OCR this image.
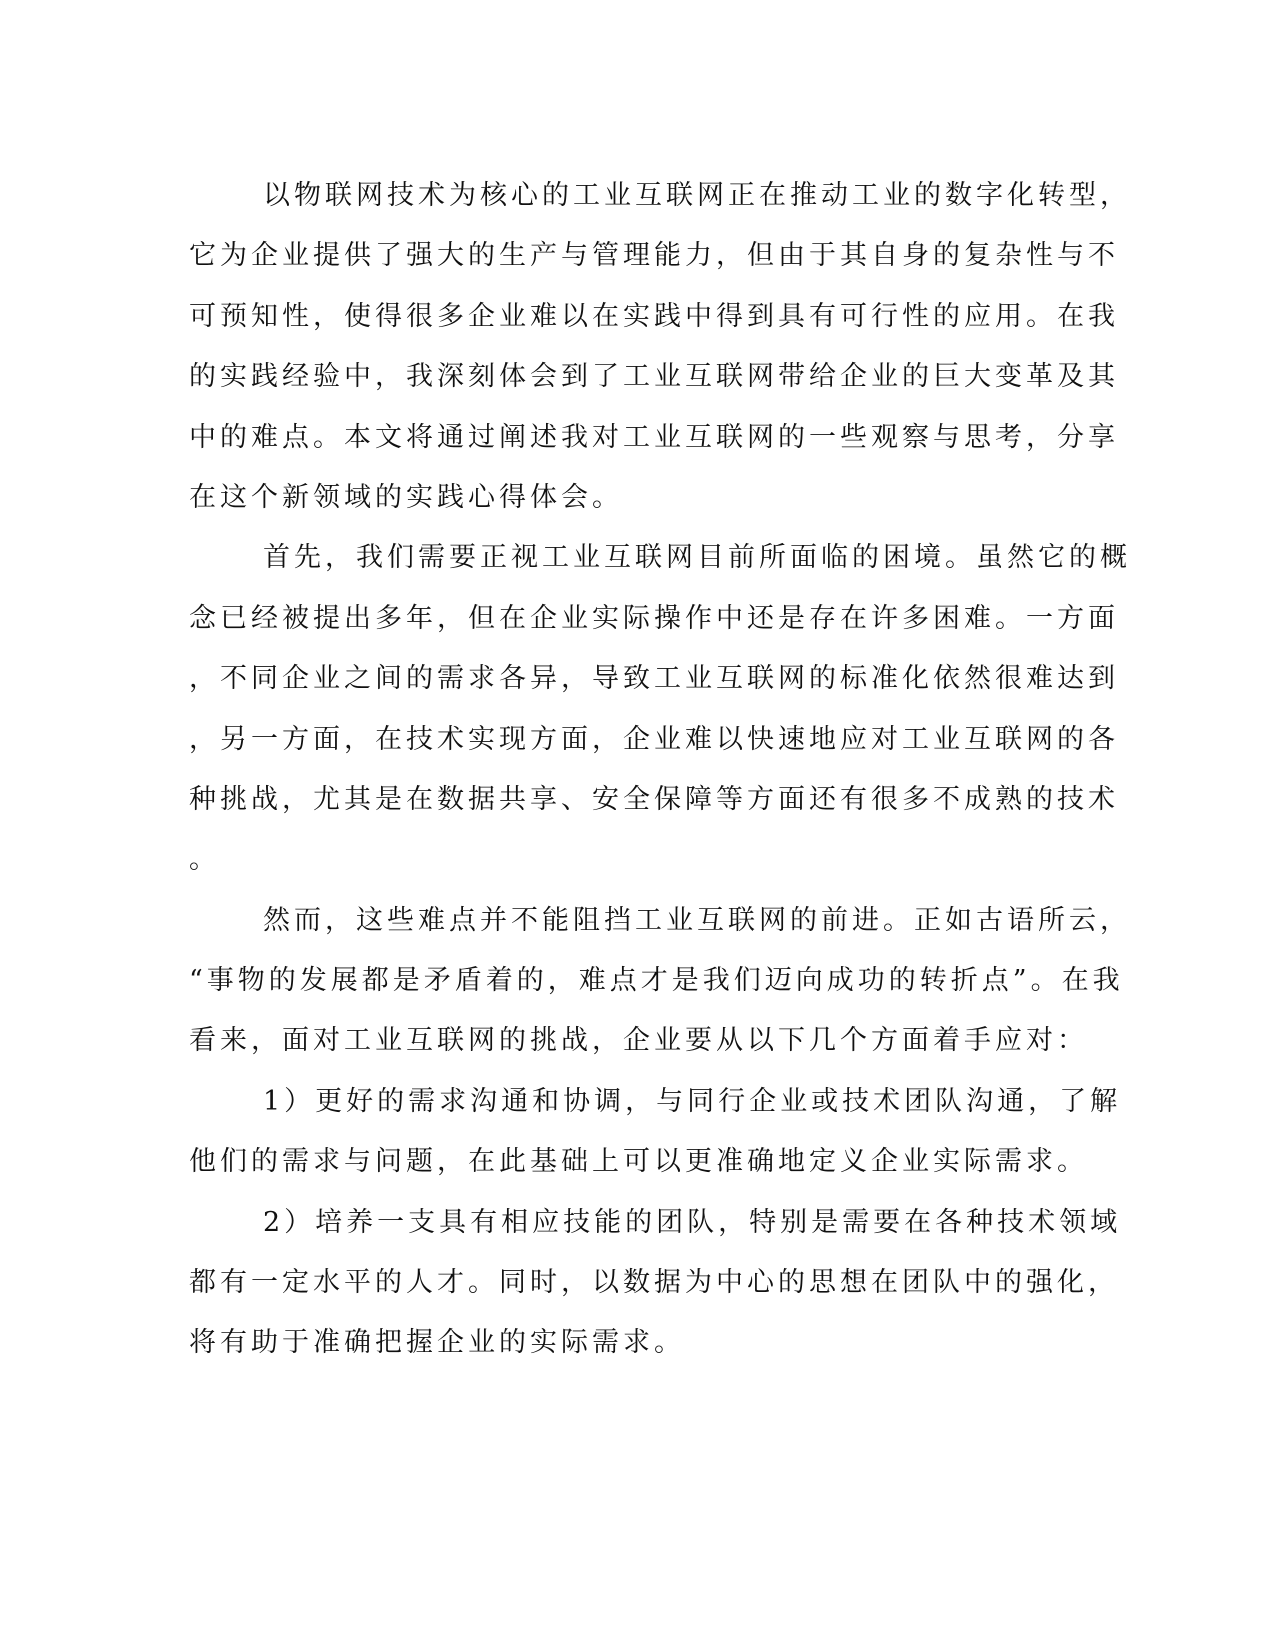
以物联网技术为核心的工业互联网正在推动工业的数字化转型，
它为企业提供了强大的生产与管理能力，但由于其自身的复杂性与不
可预知性，使得很多企业难以在实践中得到具有可行性的应用。在我
的实践经验中，我深刻体会到了工业互联网带给企业的巨大变革及其
中的难点。本文将通过阐述我对工业互联网的一些观察与思考，分享
在这个新领域的实践心得体会。
首先，我们需要正视工业互联网目前所面临的困境。虽然它的概
念已经被提出多年，但在企业实际操作中还是存在许多困难。一方面
，不同企业之间的需求各异，导致工业互联网的标准化依然很难达到
，另一方面，在技术实现方面，企业难以快速地应对工业互联网的各
种挑战，尤其是在数据共享、安全保障等方面还有很多不成熟的技术
。
然而，这些难点并不能阻挡工业互联网的前进。正如古语所云，
“事物的发展都是矛盾着的，难点才是我们迈向成功的转折点”。在我
看来，面对工业互联网的挑战，企业要从以下几个方面着手应对：
1）更好的需求沟通和协调，与同行企业或技术团队沟通，了解
他们的需求与问题，在此基础上可以更准确地定义企业实际需求。
2）培养一支具有相应技能的团队，特别是需要在各种技术领域
都有一定水平的人才。同时，以数据为中心的思想在团队中的强化，
将有助于准确把握企业的实际需求。
